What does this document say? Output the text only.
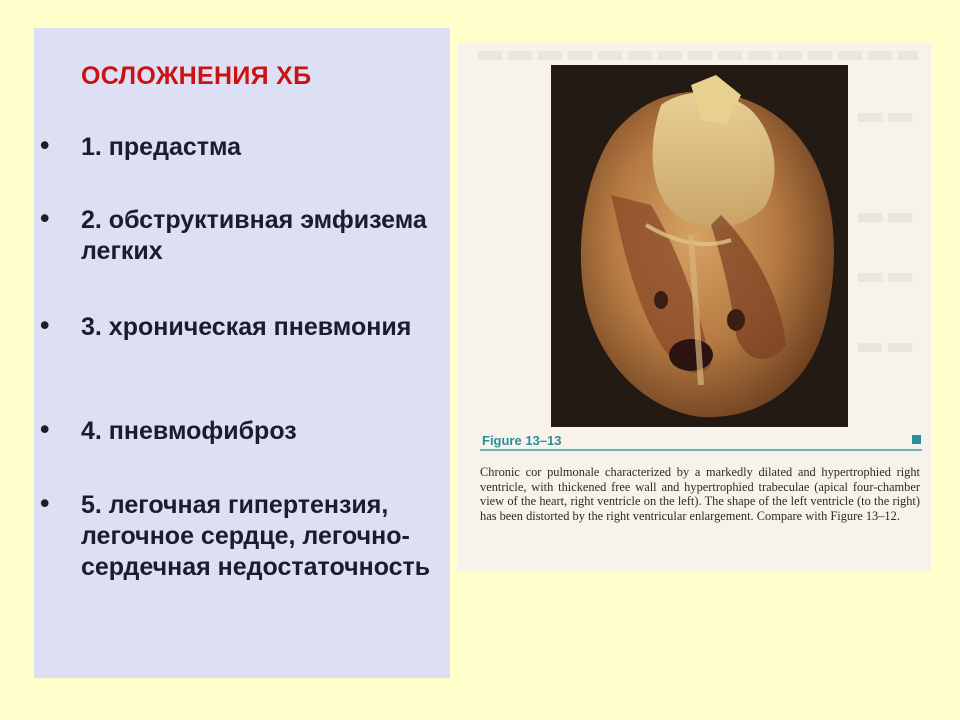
ОСЛОЖНЕНИЯ ХБ
• 1. предастма
• 2. обструктивная эмфизема легких
• 3. хроническая пневмония
• 4. пневмофиброз
• 5. легочная гипертензия, легочное сердце, легочно-сердечная недостаточность
Figure 13–13
Chronic cor pulmonale characterized by a markedly dilated and hypertrophied right ventricle, with thickened free wall and hypertrophied trabeculae (apical four-chamber view of the heart, right ventricle on the left). The shape of the left ventricle (to the right) has been distorted by the right ventricular enlargement. Compare with Figure 13–12.
